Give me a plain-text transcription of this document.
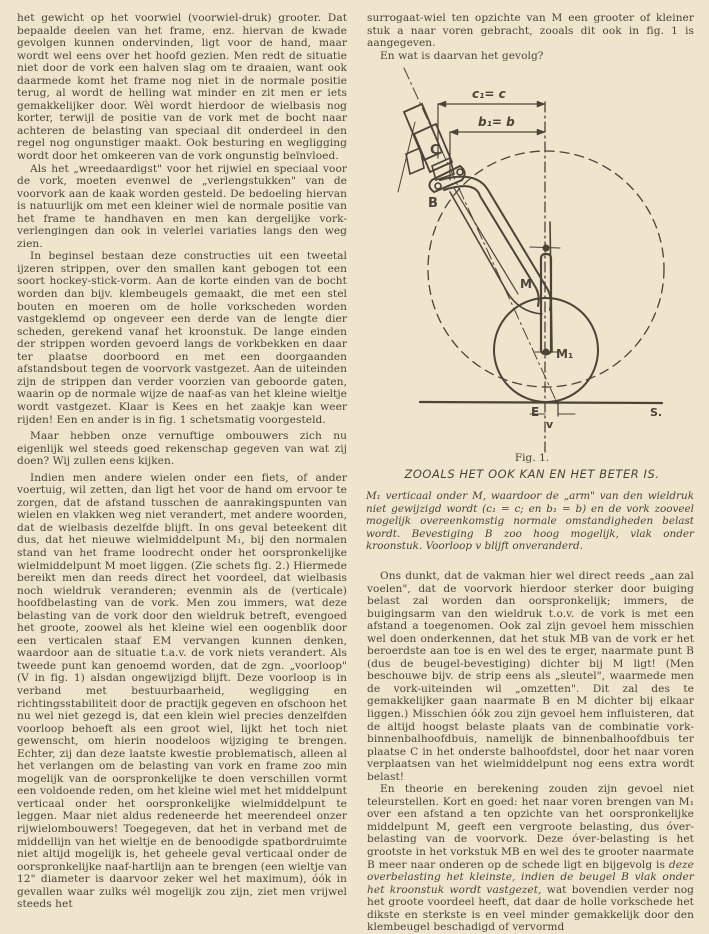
het gewicht op het voorwiel (voorwiel-druk) grooter. Dat bepaalde deelen van het frame, enz. hiervan de kwade gevolgen kunnen ondervinden, ligt voor de hand, maar wordt wel eens over het hoofd gezien. Men redt de situatie niet door de vork een halven slag om te draaien, want ook daarmede komt het frame nog niet in de normale positie terug, al wordt de helling wat minder en zit men er iets gemakkelijker door. Wèl wordt hierdoor de wielbasis nog korter, terwijl de positie van de vork met de bocht naar achteren de belasting van speciaal dit onderdeel in den regel nog ongunstiger maakt. Ook besturing en wegligging wordt door het omkeeren van de vork ongunstig beïnvloed.

Als het „wreedaardigst" voor het rijwiel en speciaal voor de vork, moeten evenwel de „verlengstukken" van de voorvork aan de kaak worden gesteld. De bedoeling hiervan is natuurlijk om met een kleiner wiel de normale positie van het frame te handhaven en men kan dergelijke vork-verlengingen dan ook in velerlei variaties langs den weg zien.

In beginsel bestaan deze constructies uit een tweetal ijzeren strippen, over den smallen kant gebogen tot een soort hockey-stick-vorm. Aan de korte einden van de bocht worden dan bijv. klembeugels gemaakt, die met een stel bouten en moeren om de holle vorkscheden worden vastgeklemd op ongeveer een derde van de lengte dier scheden, gerekend vanaf het kroonstuk. De lange einden der strippen worden gevoerd langs de vorkbekken en daar ter plaatse doorboord en met een doorgaanden afstandsbout tegen de voorvork vastgezet. Aan de uiteinden zijn de strippen dan verder voorzien van geboorde gaten, waarin op de normale wijze de naaf-as van het kleine wieltje wordt vastgezet. Klaar is Kees en het zaakje kan weer rijden! Een en ander is in fig. 1 schetsmatig voorgesteld.

Maar hebben onze vernuftige ombouwers zich nu eigenlijk wel steeds goed rekenschap gegeven van wat zij doen? Wij zullen eens kijken.

Indien men andere wielen onder een fiets, of ander voertuig, wil zetten, dan ligt het voor de hand om ervoor te zorgen, dat de afstand tusschen de aanrakingspunten van wielen en vlakken weg niet verandert, met andere woorden, dat de wielbasis dezelfde blijft. In ons geval beteekent dit dus, dat het nieuwe wielmiddelpunt M₁, bij den normalen stand van het frame loodrecht onder het oorspronkelijke wielmiddelpunt M moet liggen. (Zie schets fig. 2.) Hiermede bereikt men dan reeds direct het voordeel, dat wielbasis noch wieldruk veranderen; evenmin als de (verticale) hoofdbelasting van de vork. Men zou immers, wat deze belasting van de vork door den wieldruk betreft, evengoed het groote, zoowel als het kleine wiel een oogenblik door een verticalen staaf EM vervangen kunnen denken, waardoor aan de situatie t.a.v. de vork niets verandert. Als tweede punt kan genoemd worden, dat de zgn. „voorloop" (V in fig. 1) alsdan ongewijzigd blijft. Deze voorloop is in verband met bestuurbaarheid, wegligging en richtingsstabiliteit door de practijk gegeven en ofschoon het nu wel niet gezegd is, dat een klein wiel precies denzelfden voorloop behoeft als een groot wiel, lijkt het toch niet gewenscht, om hierin noodeloos wijziging te brengen. Echter, zij dan deze laatste kwestie problematisch, alleen al het verlangen om de belasting van vork en frame zoo min mogelijk van de oorspronkelijke te doen verschillen vormt een voldoende reden, om het kleine wiel met het middelpunt verticaal onder het oorspronkelijke wielmiddelpunt te leggen. Maar niet aldus redeneerde het meerendeel onzer rijwielombouwers! Toegegeven, dat het in verband met de middellijn van het wieltje en de benoodigde spatbordruimte niet altijd mogelijk is, het geheele geval verticaal onder de oorspronkelijke naaf-hartlijn aan te brengen (een wieltje van 12" diameter is daarvoor zeker wel het maximum), óók in gevallen waar zulks wél mogelijk zou zijn, ziet men vrijwel steeds het

surrogaat-wiel ten opzichte van M een grooter of kleiner stuk a naar voren gebracht, zooals dit ook in fig. 1 is aangegeven.

En wat is daarvan het gevolg?

c₁= c
b₁= b
C
B
M
M₁
E
v
S.
Fig. 1.
ZOOALS HET OOK KAN EN HET BETER IS.
M₁ verticaal onder M, waardoor de „arm" van den wieldruk niet gewijzigd wordt (c₁ = c; en b₁ = b) en de vork zooveel mogelijk overeenkomstig normale omstandigheden belast wordt. Bevestiging B zoo hoog mogelijk, vlak onder kroonstuk. Voorloop v blijft onveranderd.

Ons dunkt, dat de vakman hier wel direct reeds „aan zal voelen", dat de voorvork hierdoor sterker door buiging belast zal worden dan oorspronkelijk; immers, de buigingsarm van den wieldruk t.o.v. de vork is met een afstand a toegenomen. Ook zal zijn gevoel hem misschien wel doen onderkennen, dat het stuk MB van de vork er het beroerdste aan toe is en wel des te erger, naarmate punt B (dus de beugel-bevestiging) dichter bij M ligt! (Men beschouwe bijv. de strip eens als „sleutel", waarmede men de vork-uiteinden wil „omzetten". Dit zal des te gemakkelijker gaan naarmate B en M dichter bij elkaar liggen.) Misschien óók zou zijn gevoel hem influisteren, dat de altijd hoogst belaste plaats van de combinatie vork-binnenbalhoofdbuis, namelijk de binnenbalhoofdbuis ter plaatse C in het onderste balhoofdstel, door het naar voren verplaatsen van het wielmiddelpunt nog eens extra wordt belast!

En theorie en berekening zouden zijn gevoel niet teleurstellen. Kort en goed: het naar voren brengen van M₁ over een afstand a ten opzichte van het oorspronkelijke middelpunt M, geeft een vergroote belasting, dus óver-belasting van de voorvork. Deze óver-belasting is het grootste in het vorkstuk MB en wel des te grooter naarmate B meer naar onderen op de schede ligt en bijgevolg is deze overbelasting het kleinste, indien de beugel B vlak onder het kroonstuk wordt vastgezet, wat bovendien verder nog het groote voordeel heeft, dat daar de holle vorkschede het dikste en sterkste is en veel minder gemakkelijk door den klembeugel beschadigd of vervormd
